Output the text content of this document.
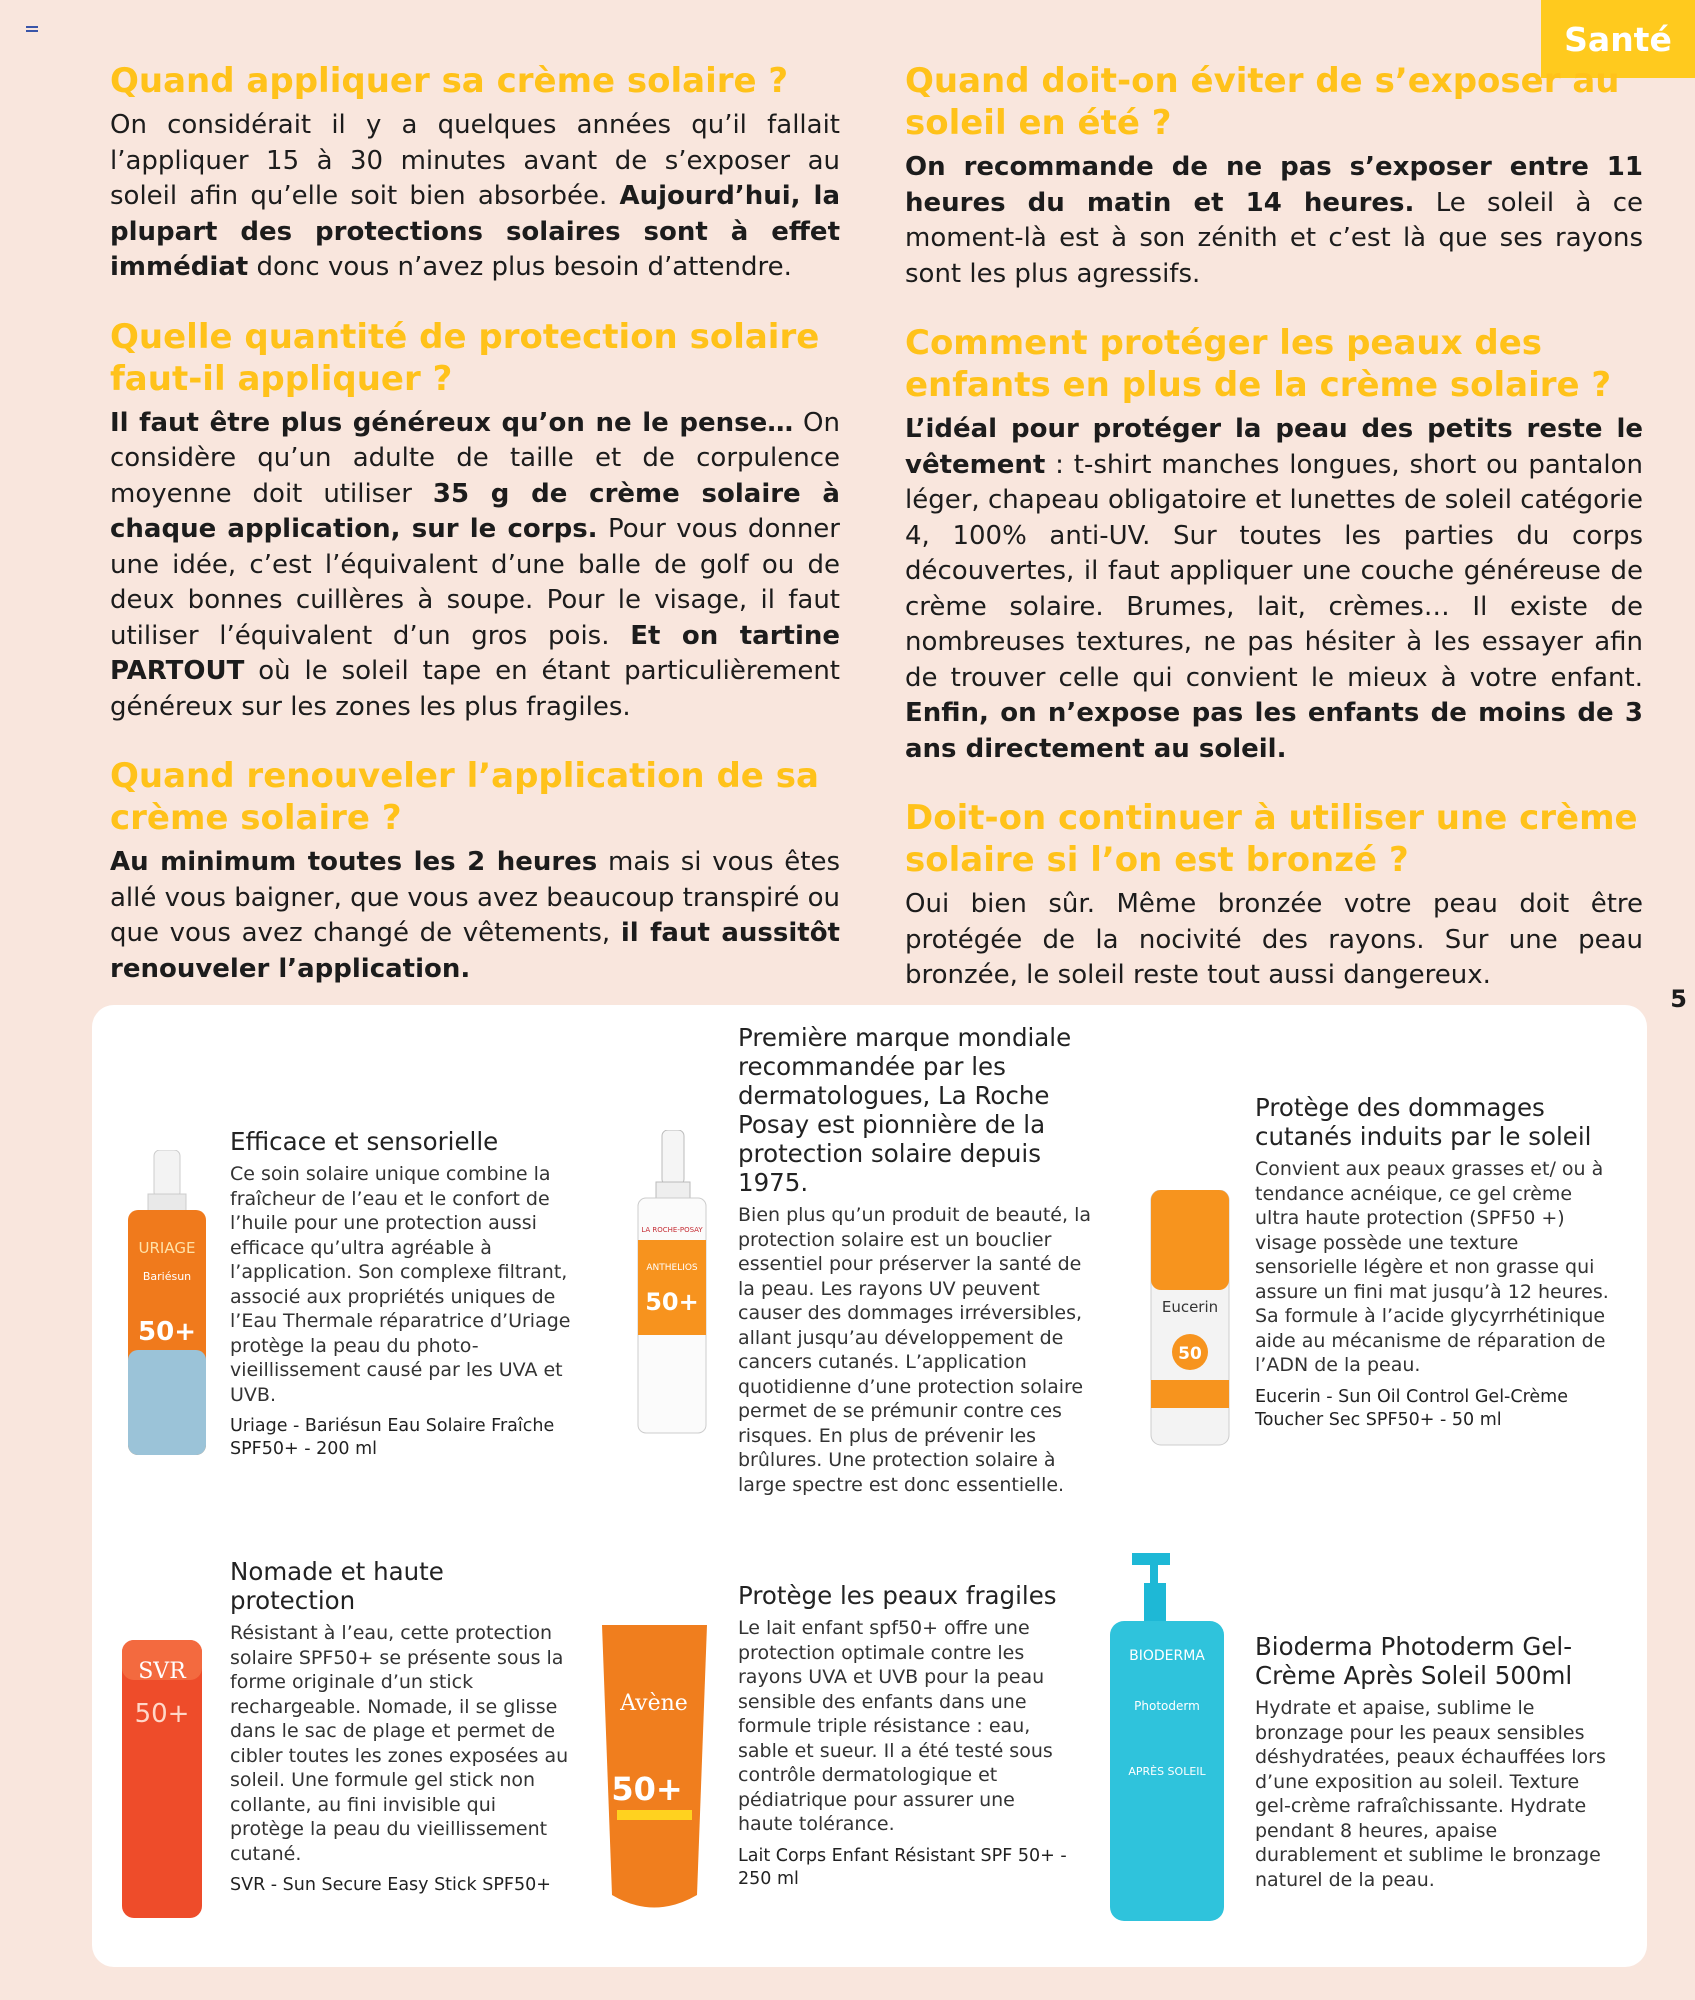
Santé
Quand appliquer sa crème solaire ?

On considérait il y a quelques années qu’il fallait l’appliquer 15 à 30 minutes avant de s’exposer au soleil afin qu’elle soit bien absorbée. Aujourd’hui, la plupart des protections solaires sont à effet immédiat donc vous n’avez plus besoin d’attendre.

Quelle quantité de protection solaire faut-il appliquer ?

Il faut être plus généreux qu’on ne le pense… On considère qu’un adulte de taille et de corpulence moyenne doit utiliser 35 g de crème solaire à chaque application, sur le corps. Pour vous donner une idée, c’est l’équivalent d’une balle de golf ou de deux bonnes cuillères à soupe. Pour le visage, il faut utiliser l’équivalent d’un gros pois. Et on tartine PARTOUT où le soleil tape en étant particulièrement généreux sur les zones les plus fragiles.

Quand renouveler l’application de sa crème solaire ?

Au minimum toutes les 2 heures mais si vous êtes allé vous baigner, que vous avez beaucoup transpiré ou que vous avez changé de vêtements, il faut aussitôt renouveler l’application.

Quand doit-on éviter de s’exposer au soleil en été ?

On recommande de ne pas s’exposer entre 11 heures du matin et 14 heures. Le soleil à ce moment-là est à son zénith et c’est là que ses rayons sont les plus agressifs.

Comment protéger les peaux des enfants en plus de la crème solaire ?

L’idéal pour protéger la peau des petits reste le vêtement : t-shirt manches longues, short ou pantalon léger, chapeau obligatoire et lunettes de soleil catégorie 4, 100% anti-UV. Sur toutes les parties du corps découvertes, il faut appliquer une couche généreuse de crème solaire. Brumes, lait, crèmes… Il existe de nombreuses textures, ne pas hésiter à les essayer afin de trouver celle qui convient le mieux à votre enfant. Enfin, on n’expose pas les enfants de moins de 3 ans directement au soleil.

Doit-on continuer à utiliser une crème solaire si l’on est bronzé ?

Oui bien sûr. Même bronzée votre peau doit être protégée de la nocivité des rayons. Sur une peau bronzée, le soleil reste tout aussi dangereux.

5
URIAGE
Bariésun
50+

Efficace et sensorielle

Ce soin solaire unique combine la fraîcheur de l’eau et le confort de l’huile pour une protection aussi efficace qu’ultra agréable à l’application. Son complexe filtrant, associé aux propriétés uniques de l’Eau Thermale réparatrice d’Uriage protège la peau du photo-vieillissement causé par les UVA et UVB.

Uriage - Bariésun Eau Solaire Fraîche SPF50+ - 200 ml

LA ROCHE-POSAY
ANTHELIOS
50+

Première marque mondiale recommandée par les dermatologues, La Roche Posay est pionnière de la protection solaire depuis 1975.

Bien plus qu’un produit de beauté, la protection solaire est un bouclier essentiel pour préserver la santé de la peau. Les rayons UV peuvent causer des dommages irréversibles, allant jusqu’au développement de cancers cutanés. L’application quotidienne d’une protection solaire permet de se prémunir contre ces risques. En plus de prévenir les brûlures. Une protection solaire à large spectre est donc essentielle.

Eucerin
50

Protège des dommages cutanés induits par le soleil

Convient aux peaux grasses et/ ou à tendance acnéique, ce gel crème ultra haute protection (SPF50 +) visage possède une texture sensorielle légère et non grasse qui assure un fini mat jusqu’à 12 heures. Sa formule à l’acide glycyrrhétinique aide au mécanisme de réparation de l’ADN de la peau.

Eucerin - Sun Oil Control Gel-Crème Toucher Sec SPF50+ - 50 ml

SVR
50+

Nomade et haute protection

Résistant à l’eau, cette protection solaire SPF50+ se présente sous la forme originale d’un stick rechargeable. Nomade, il se glisse dans le sac de plage et permet de cibler toutes les zones exposées au soleil. Une formule gel stick non collante, au fini invisible qui protège la peau du vieillissement cutané.

SVR - Sun Secure Easy Stick SPF50+

Avène
50+

Protège les peaux fragiles

Le lait enfant spf50+ offre une protection optimale contre les rayons UVA et UVB pour la peau sensible des enfants dans une formule triple résistance : eau, sable et sueur. Il a été testé sous contrôle dermatologique et pédiatrique pour assurer une haute tolérance.

Lait Corps Enfant Résistant SPF 50+ - 250 ml

BIODERMA
Photoderm
APRÈS SOLEIL

Bioderma Photoderm Gel-Crème Après Soleil 500ml

Hydrate et apaise, sublime le bronzage pour les peaux sensibles déshydratées, peaux échauffées lors d’une exposition au soleil. Texture gel-crème rafraîchissante. Hydrate pendant 8 heures, apaise durablement et sublime le bronzage naturel de la peau.
